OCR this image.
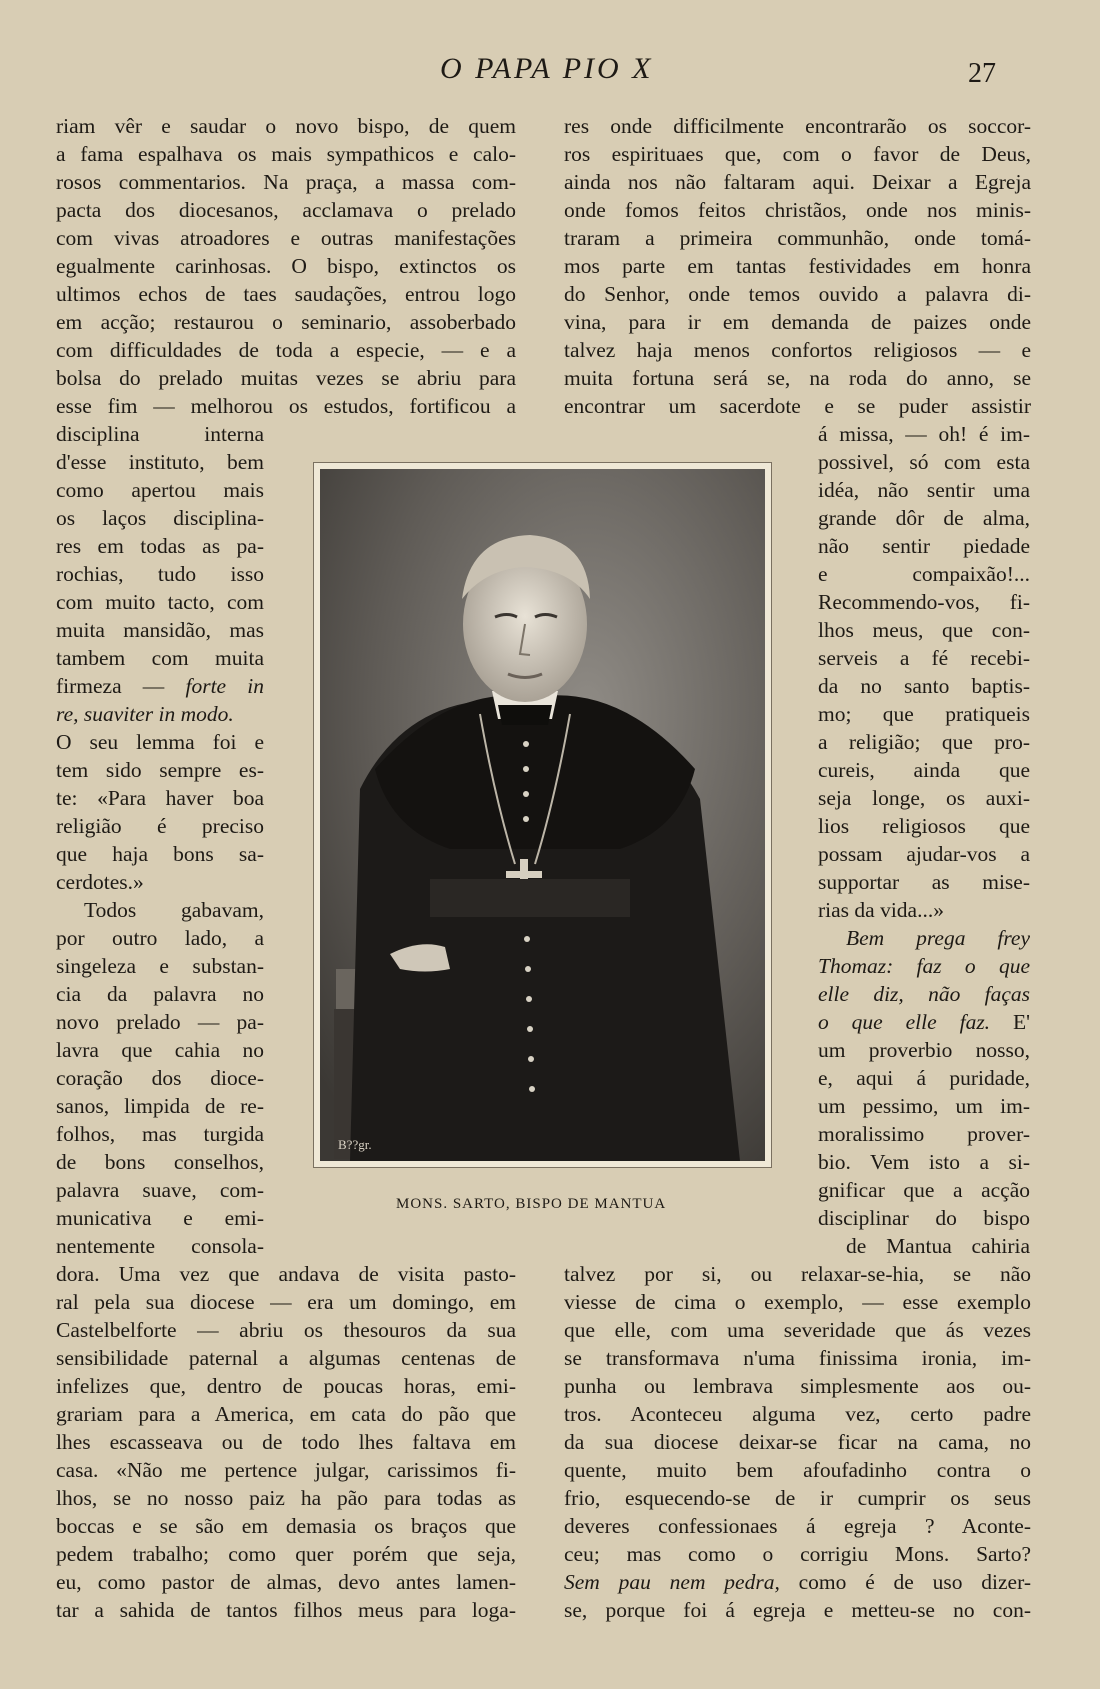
O PAPA PIO X	27
riam vêr e saudar o novo bispo, de quem
a fama espalhava os mais sympathicos e calo-
rosos commentarios. Na praça, a massa com-
pacta dos diocesanos, acclamava o prelado
com vivas atroadores e outras manifestações
egualmente carinhosas. O bispo, extinctos os
ultimos echos de taes saudações, entrou logo
em acção; restaurou o seminario, assoberbado
com difficuldades de toda a especie, — e a
bolsa do prelado muitas vezes se abriu para
esse fim — melhorou os estudos, fortificou a
disciplina interna
d'esse instituto, bem
como apertou mais
os laços disciplina-
res em todas as pa-
rochias, tudo isso
com muito tacto, com
muita mansidão, mas
tambem com muita
firmeza — forte in
re, suaviter in modo.
O seu lemma foi e
tem sido sempre es-
te: «Para haver boa
religião é preciso
que haja bons sa-
cerdotes.»
Todos gabavam,
por outro lado, a
singeleza e substan-
cia da palavra no
novo prelado — pa-
lavra que cahia no
coração dos dioce-
sanos, limpida de re-
folhos, mas turgida
de bons conselhos,
palavra suave, com-
municativa e emi-
nentemente consola-
dora. Uma vez que andava de visita pasto-
ral pela sua diocese — era um domingo, em
Castelbelforte — abriu os thesouros da sua
sensibilidade paternal a algumas centenas de
infelizes que, dentro de poucas horas, emi-
grariam para a America, em cata do pão que
lhes escasseava ou de todo lhes faltava em
casa. «Não me pertence julgar, carissimos fi-
lhos, se no nosso paiz ha pão para todas as
boccas e se são em demasia os braços que
pedem trabalho; como quer porém que seja,
eu, como pastor de almas, devo antes lamen-
tar a sahida de tantos filhos meus para loga-
res onde difficilmente encontrarão os soccor-
ros espirituaes que, com o favor de Deus,
ainda nos não faltaram aqui. Deixar a Egreja
onde fomos feitos christãos, onde nos minis-
traram a primeira communhão, onde tomá-
mos parte em tantas festividades em honra
do Senhor, onde temos ouvido a palavra di-
vina, para ir em demanda de paizes onde
talvez haja menos confortos religiosos — e
muita fortuna será se, na roda do anno, se
encontrar um sacerdote e se puder assistir
á missa, — oh! é im-
possivel, só com esta
idéa, não sentir uma
grande dôr de alma,
não sentir piedade
e compaixão!...
Recommendo-vos, fi-
lhos meus, que con-
serveis a fé recebi-
da no santo baptis-
mo; que pratiqueis
a religião; que pro-
cureis, ainda que
seja longe, os auxi-
lios religiosos que
possam ajudar-vos a
supportar as mise-
rias da vida...»
Bem prega frey
Thomaz: faz o que
elle diz, não faças
o que elle faz. E'
um proverbio nosso,
e, aqui á puridade,
um pessimo, um im-
moralissimo prover-
bio. Vem isto a si-
gnificar que a acção
disciplinar do bispo
de Mantua cahiria
talvez por si, ou relaxar-se-hia, se não
viesse de cima o exemplo, — esse exemplo
que elle, com uma severidade que ás vezes
se transformava n'uma finissima ironia, im-
punha ou lembrava simplesmente aos ou-
tros. Aconteceu alguma vez, certo padre
da sua diocese deixar-se ficar na cama, no
quente, muito bem afoufadinho contra o
frio, esquecendo-se de ir cumprir os seus
deveres confessionaes á egreja ? Aconte-
ceu; mas como o corrigiu Mons. Sarto?
Sem pau nem pedra, como é de uso dizer-
se, porque foi á egreja e metteu-se no con-
B??gr.
MONS. SARTO, BISPO DE MANTUA
